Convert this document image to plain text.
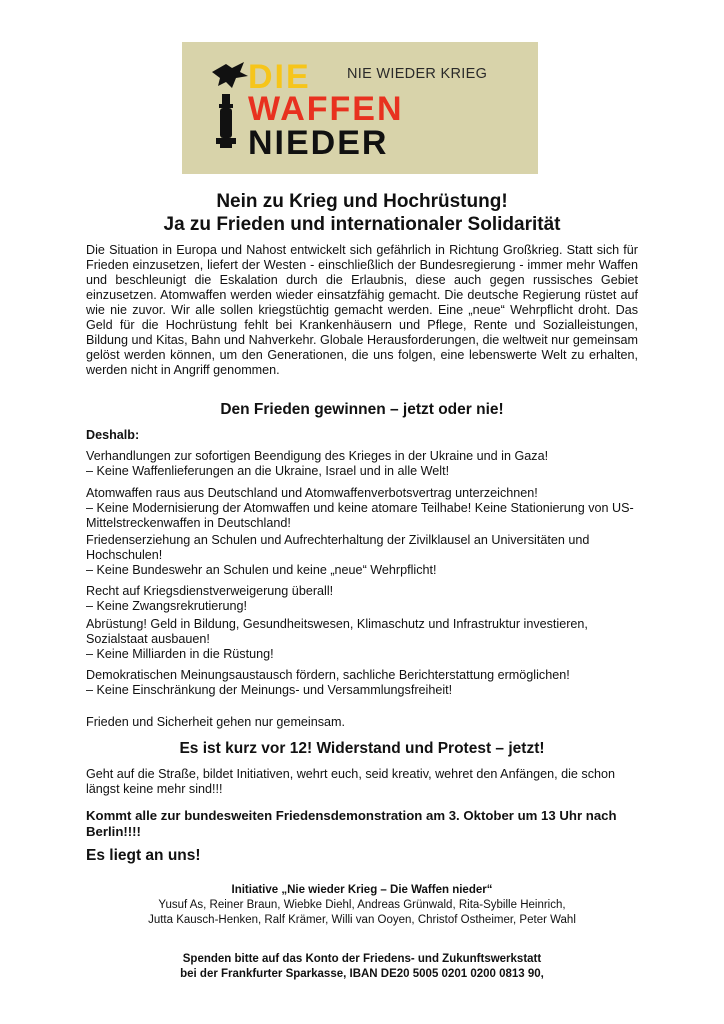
DIE	NIE WIEDER KRIEG
WAFFEN
NIEDER
Nein zu Krieg und Hochrüstung!
Ja zu Frieden und internationaler Solidarität
Die Situation in Europa und Nahost entwickelt sich gefährlich in Richtung Großkrieg. Statt sich für Frieden einzusetzen, liefert der Westen - einschließlich der Bundesregierung - immer mehr Waffen und beschleunigt die Eskalation durch die Erlaubnis, diese auch gegen russisches Gebiet einzusetzen. Atomwaffen werden wieder einsatzfähig gemacht. Die deutsche Regierung rüstet auf wie nie zuvor. Wir alle sollen kriegstüchtig gemacht werden. Eine „neue“ Wehrpflicht droht. Das Geld für die Hochrüstung fehlt bei Krankenhäusern und Pflege, Rente und Sozialleistungen, Bildung und Kitas, Bahn und Nahverkehr. Globale Herausforderungen, die weltweit nur gemeinsam gelöst werden können, um den Generationen, die uns folgen, eine lebenswerte Welt zu erhalten, werden nicht in Angriff genommen.
Den Frieden gewinnen – jetzt oder nie!
Deshalb:
Verhandlungen zur sofortigen Beendigung des Krieges in der Ukraine und in Gaza!
– Keine Waffenlieferungen an die Ukraine, Israel und in alle Welt!
Atomwaffen raus aus Deutschland und Atomwaffenverbotsvertrag unterzeichnen!
– Keine Modernisierung der Atomwaffen und keine atomare Teilhabe! Keine Stationierung von US-Mittelstreckenwaffen in Deutschland!
Friedenserziehung an Schulen und Aufrechterhaltung der Zivilklausel an Universitäten und Hochschulen!
– Keine Bundeswehr an Schulen und keine „neue“ Wehrpflicht!
Recht auf Kriegsdienstverweigerung überall!
– Keine Zwangsrekrutierung!
Abrüstung! Geld in Bildung, Gesundheitswesen, Klimaschutz und Infrastruktur investieren, Sozialstaat ausbauen!
– Keine Milliarden in die Rüstung!
Demokratischen Meinungsaustausch fördern, sachliche Berichterstattung ermöglichen!
– Keine Einschränkung der Meinungs- und Versammlungsfreiheit!
Frieden und Sicherheit gehen nur gemeinsam.
Es ist kurz vor 12! Widerstand und Protest – jetzt!
Geht auf die Straße, bildet Initiativen, wehrt euch, seid kreativ, wehret den Anfängen, die schon längst keine mehr sind!!!
Kommt alle zur bundesweiten Friedensdemonstration am 3. Oktober um 13 Uhr nach Berlin!!!!
Es liegt an uns!
Initiative „Nie wieder Krieg – Die Waffen nieder“
Yusuf As, Reiner Braun, Wiebke Diehl, Andreas Grünwald, Rita-Sybille Heinrich,
Jutta Kausch-Henken, Ralf Krämer, Willi van Ooyen, Christof Ostheimer, Peter Wahl
Spenden bitte auf das Konto der Friedens- und Zukunftswerkstatt
bei der Frankfurter Sparkasse, IBAN DE20 5005 0201 0200 0813 90,
